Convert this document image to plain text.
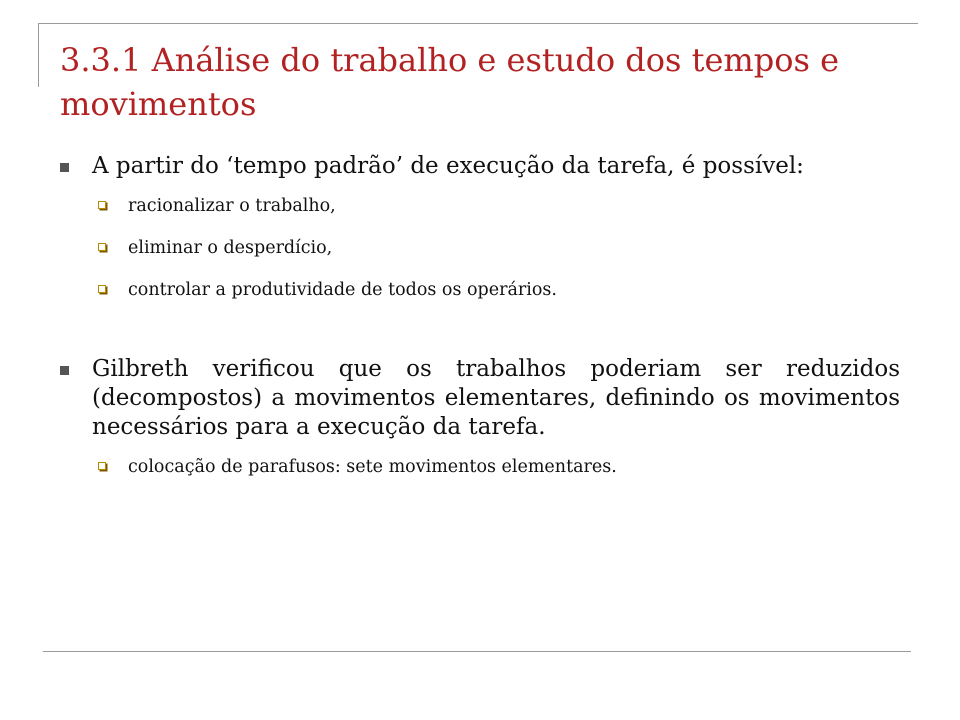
3.3.1 Análise do trabalho e estudo dos tempos e movimentos
A partir do ‘tempo padrão’ de execução da tarefa, é possível:
racionalizar o trabalho,
eliminar o desperdício,
controlar a produtividade de todos os operários.
Gilbreth verificou que os trabalhos poderiam ser reduzidos (decompostos) a movimentos elementares, definindo os movimentos necessários para a execução da tarefa.
colocação de parafusos: sete movimentos elementares.
